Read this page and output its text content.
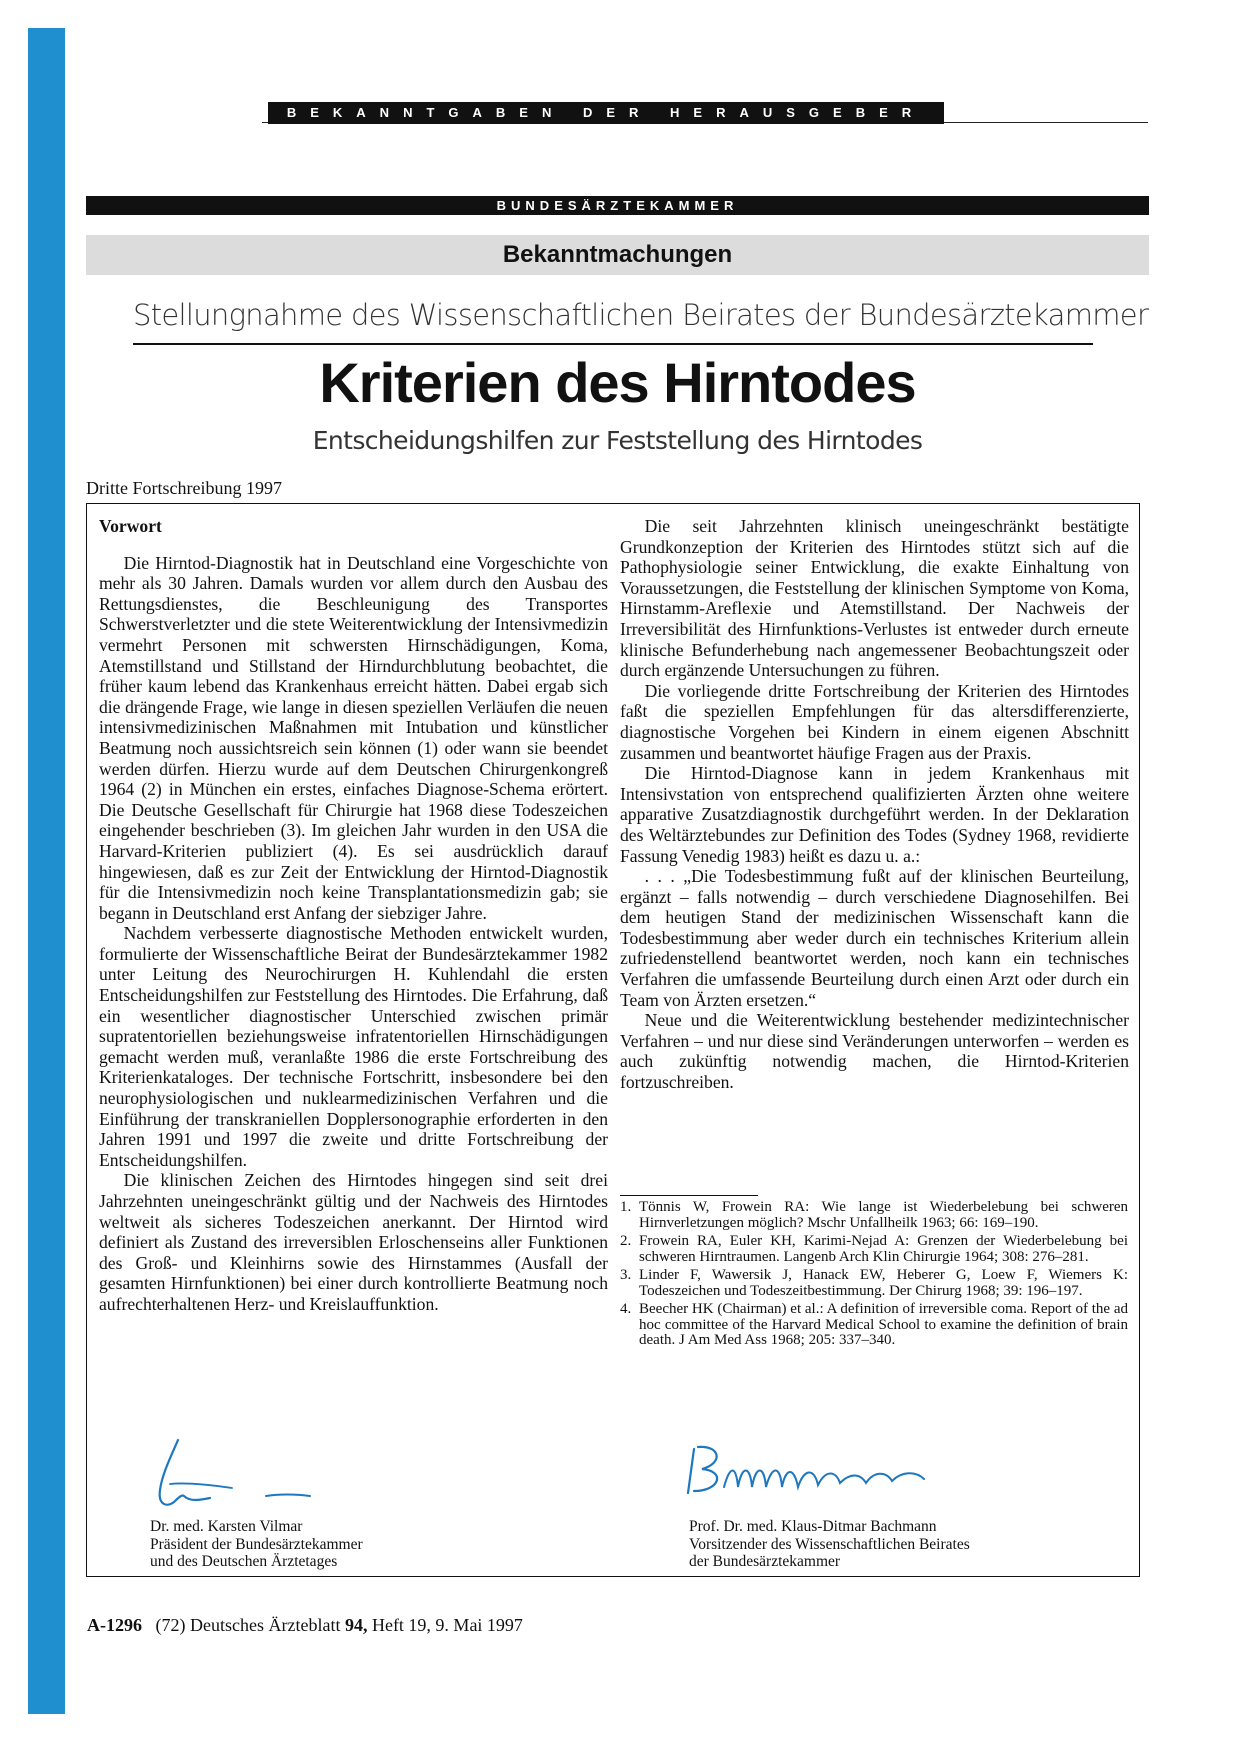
BEKANNTGABEN DER HERAUSGEBER
BUNDESÄRZTEKAMMER
Bekanntmachungen
Stellungnahme des Wissenschaftlichen Beirates der Bundesärztekammer
Kriterien des Hirntodes
Entscheidungshilfen zur Feststellung des Hirntodes
Dritte Fortschreibung 1997
Vorwort

Die Hirntod-Diagnostik hat in Deutschland eine Vorgeschichte von mehr als 30 Jahren. Damals wurden vor allem durch den Ausbau des Rettungsdienstes, die Beschleunigung des Transportes Schwerstverletzter und die stete Weiterentwicklung der Intensivmedizin vermehrt Personen mit schwersten Hirnschädigungen, Koma, Atemstillstand und Stillstand der Hirndurchblutung beobachtet, die früher kaum lebend das Krankenhaus erreicht hätten. Dabei ergab sich die drängende Frage, wie lange in diesen speziellen Verläufen die neuen intensivmedizinischen Maßnahmen mit Intubation und künstlicher Beatmung noch aussichtsreich sein können (1) oder wann sie beendet werden dürfen. Hierzu wurde auf dem Deutschen Chirurgenkongreß 1964 (2) in München ein erstes, einfaches Diagnose-Schema erörtert. Die Deutsche Gesellschaft für Chirurgie hat 1968 diese Todeszeichen eingehender beschrieben (3). Im gleichen Jahr wurden in den USA die Harvard-Kriterien publiziert (4). Es sei ausdrücklich darauf hingewiesen, daß es zur Zeit der Entwicklung der Hirntod-Diagnostik für die Intensivmedizin noch keine Transplantationsmedizin gab; sie begann in Deutschland erst Anfang der siebziger Jahre.

Nachdem verbesserte diagnostische Methoden entwickelt wurden, formulierte der Wissenschaftliche Beirat der Bundesärztekammer 1982 unter Leitung des Neurochirurgen H. Kuhlendahl die ersten Entscheidungshilfen zur Feststellung des Hirntodes. Die Erfahrung, daß ein wesentlicher diagnostischer Unterschied zwischen primär supratentoriellen beziehungsweise infratentoriellen Hirnschädigungen gemacht werden muß, veranlaßte 1986 die erste Fortschreibung des Kriterienkataloges. Der technische Fortschritt, insbesondere bei den neurophysiologischen und nuklearmedizinischen Verfahren und die Einführung der transkraniellen Dopplersonographie erforderten in den Jahren 1991 und 1997 die zweite und dritte Fortschreibung der Entscheidungshilfen.

Die klinischen Zeichen des Hirntodes hingegen sind seit drei Jahrzehnten uneingeschränkt gültig und der Nachweis des Hirntodes weltweit als sicheres Todeszeichen anerkannt. Der Hirntod wird definiert als Zustand des irreversiblen Erloschenseins aller Funktionen des Groß- und Kleinhirns sowie des Hirnstammes (Ausfall der gesamten Hirnfunktionen) bei einer durch kontrollierte Beatmung noch aufrechterhaltenen Herz- und Kreislauffunktion.

Die seit Jahrzehnten klinisch uneingeschränkt bestätigte Grundkonzeption der Kriterien des Hirntodes stützt sich auf die Pathophysiologie seiner Entwicklung, die exakte Einhaltung von Voraussetzungen, die Feststellung der klinischen Symptome von Koma, Hirnstamm-Areflexie und Atemstillstand. Der Nachweis der Irreversibilität des Hirnfunktions-Verlustes ist entweder durch erneute klinische Befunderhebung nach angemessener Beobachtungszeit oder durch ergänzende Untersuchungen zu führen.

Die vorliegende dritte Fortschreibung der Kriterien des Hirntodes faßt die speziellen Empfehlungen für das altersdifferenzierte, diagnostische Vorgehen bei Kindern in einem eigenen Abschnitt zusammen und beantwortet häufige Fragen aus der Praxis.

Die Hirntod-Diagnose kann in jedem Krankenhaus mit Intensivstation von entsprechend qualifizierten Ärzten ohne weitere apparative Zusatzdiagnostik durchgeführt werden. In der Deklaration des Weltärztebundes zur Definition des Todes (Sydney 1968, revidierte Fassung Venedig 1983) heißt es dazu u. a.:

. . . „Die Todesbestimmung fußt auf der klinischen Beurteilung, ergänzt – falls notwendig – durch verschiedene Diagnosehilfen. Bei dem heutigen Stand der medizinischen Wissenschaft kann die Todesbestimmung aber weder durch ein technisches Kriterium allein zufriedenstellend beantwortet werden, noch kann ein technisches Verfahren die umfassende Beurteilung durch einen Arzt oder durch ein Team von Ärzten ersetzen.“

Neue und die Weiterentwicklung bestehender medizintechnischer Verfahren – und nur diese sind Veränderungen unterworfen – werden es auch zukünftig notwendig machen, die Hirntod-Kriterien fortzuschreiben.

1. Tönnis W, Frowein RA: Wie lange ist Wiederbelebung bei schweren Hirnverletzungen möglich? Mschr Unfallheilk 1963; 66: 169–190.
2. Frowein RA, Euler KH, Karimi-Nejad A: Grenzen der Wiederbelebung bei schweren Hirntraumen. Langenb Arch Klin Chirurgie 1964; 308: 276–281.
3. Linder F, Wawersik J, Hanack EW, Heberer G, Loew F, Wiemers K: Todeszeichen und Todeszeitbestimmung. Der Chirurg 1968; 39: 196–197.
4. Beecher HK (Chairman) et al.: A definition of irreversible coma. Report of the ad hoc committee of the Harvard Medical School to examine the definition of brain death. J Am Med Ass 1968; 205: 337–340.
Dr. med. Karsten Vilmar
Präsident der Bundesärztekammer
und des Deutschen Ärztetages
Prof. Dr. med. Klaus-Ditmar Bachmann
Vorsitzender des Wissenschaftlichen Beirates
der Bundesärztekammer
A-1296 (72) Deutsches Ärzteblatt 94, Heft 19, 9. Mai 1997
